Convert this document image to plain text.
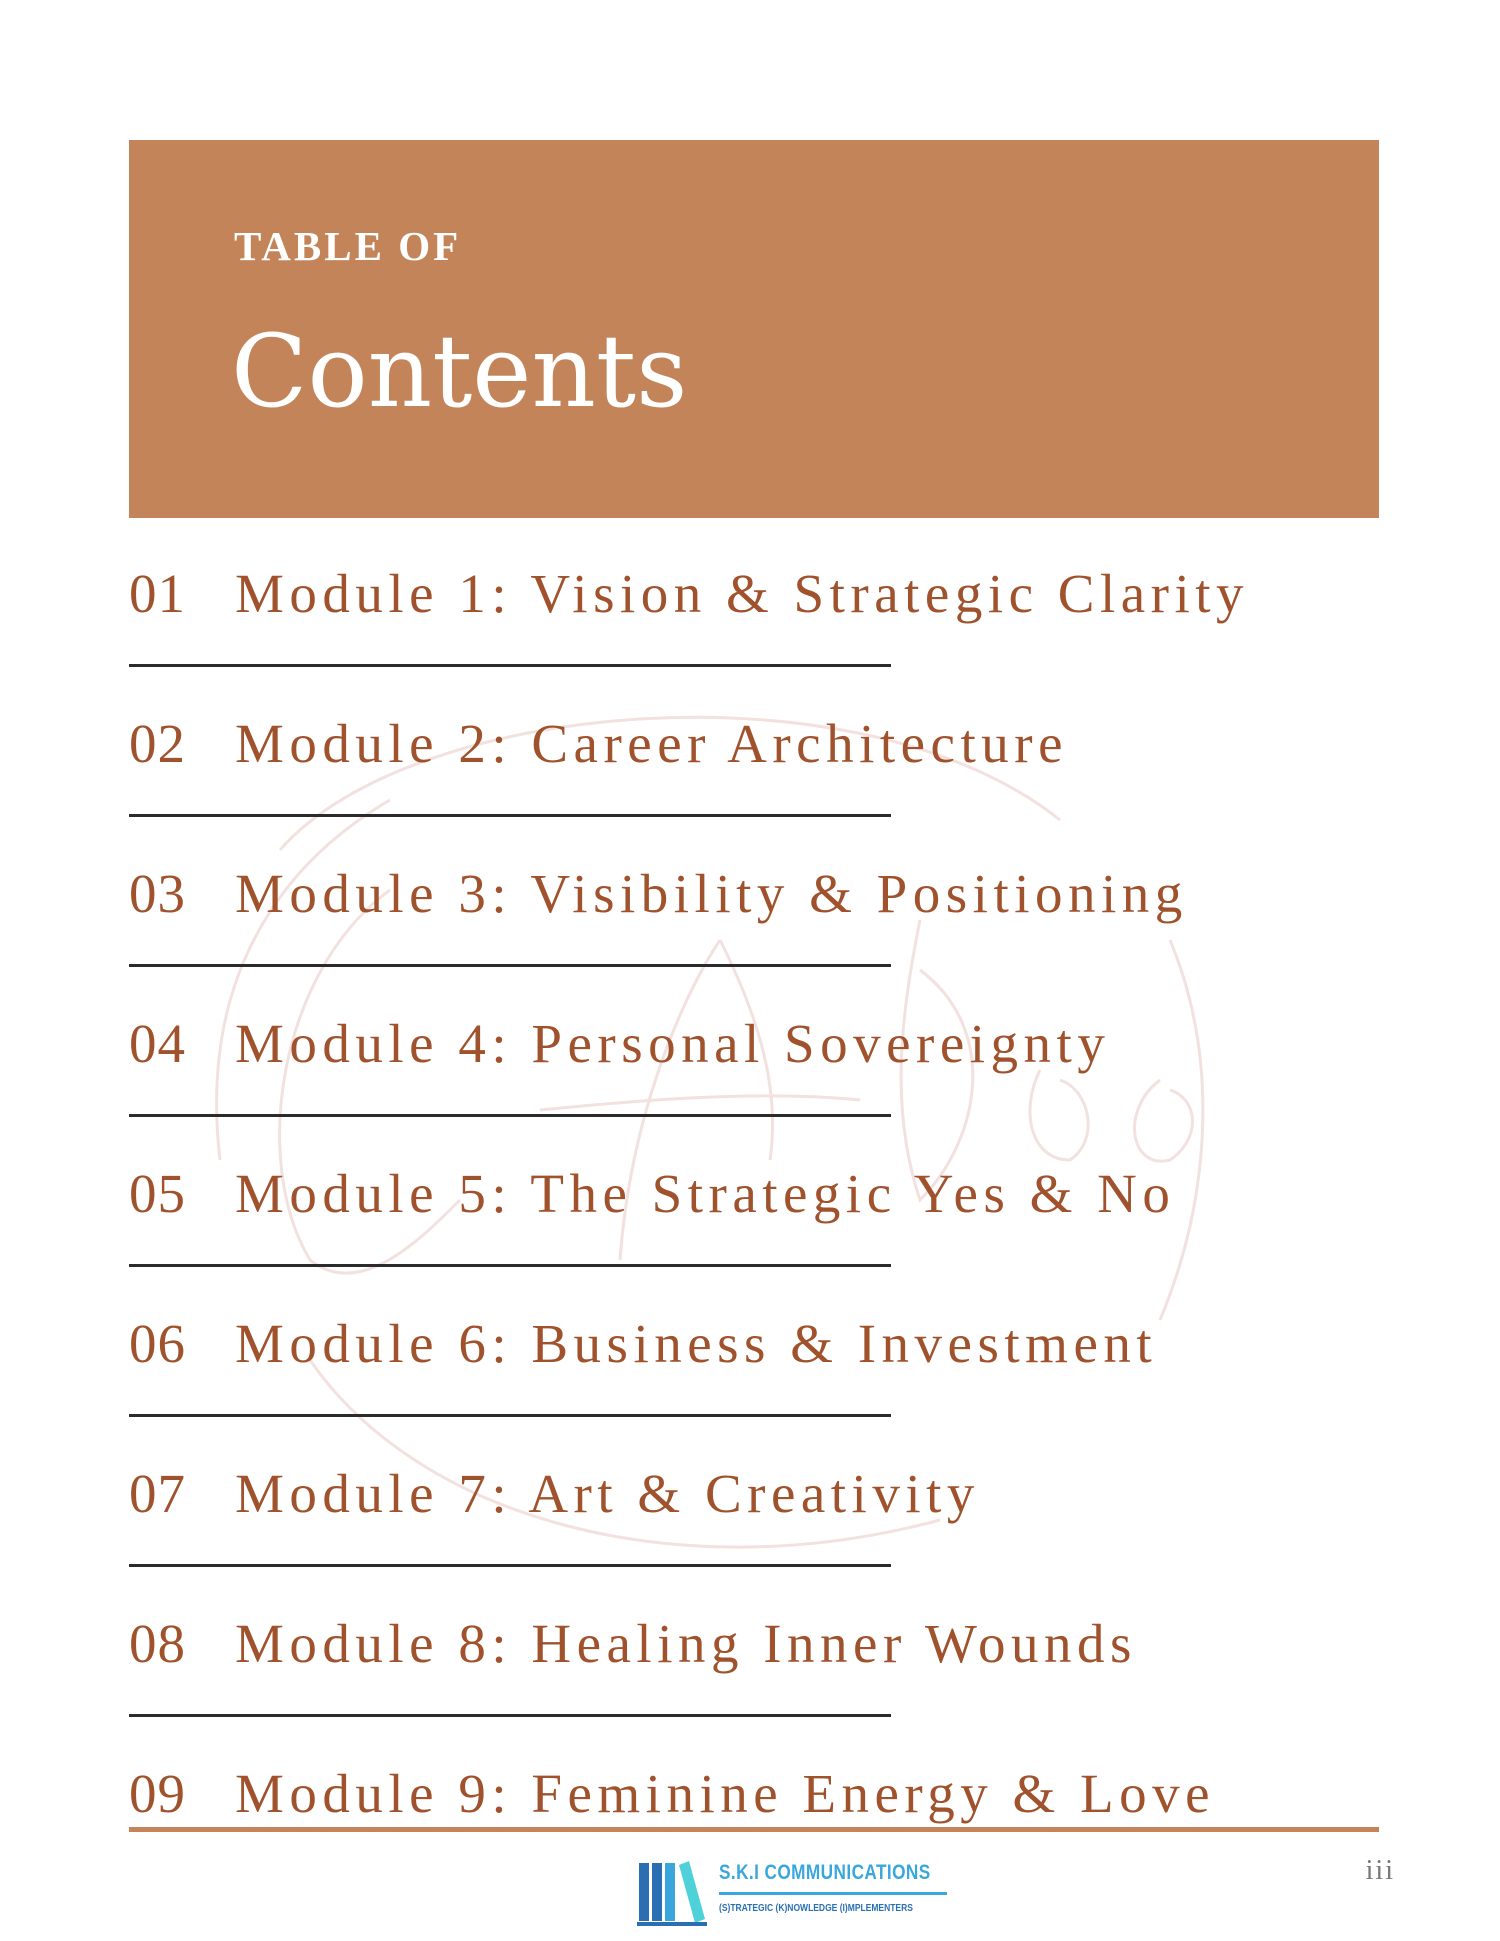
TABLE OF
Contents
01 Module 1: Vision & Strategic Clarity
02 Module 2: Career Architecture
03 Module 3: Visibility & Positioning
04 Module 4: Personal Sovereignty
05 Module 5: The Strategic Yes & No
06 Module 6: Business & Investment
07 Module 7: Art & Creativity
08 Module 8: Healing Inner Wounds
09 Module 9: Feminine Energy & Love
S.K.I COMMUNICATIONS
(S)TRATEGIC (K)NOWLEDGE (I)MPLEMENTERS
iii
